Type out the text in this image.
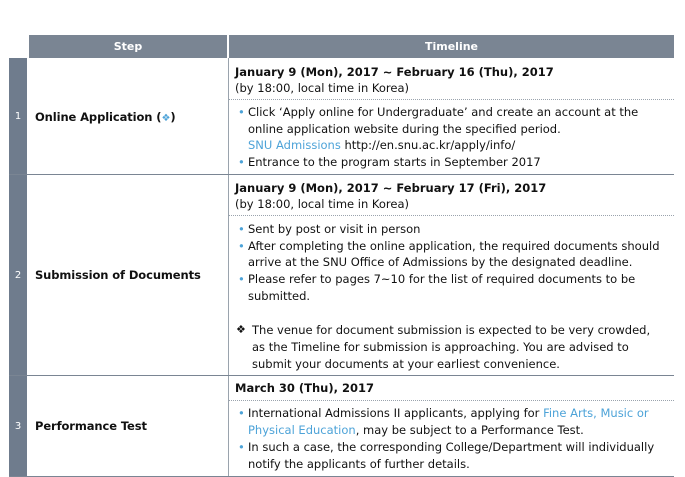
Step	Timeline
1 Online Application (❖)
January 9 (Mon), 2017 ~ February 16 (Thu), 2017
(by 18:00, local time in Korea)
• Click ‘Apply online for Undergraduate’ and create an account at the
online application website during the specified period.
SNU Admissions http://en.snu.ac.kr/apply/info/
• Entrance to the program starts in September 2017
2 Submission of Documents
January 9 (Mon), 2017 ~ February 17 (Fri), 2017
(by 18:00, local time in Korea)
• Sent by post or visit in person
• After completing the online application, the required documents should
arrive at the SNU Office of Admissions by the designated deadline.
• Please refer to pages 7~10 for the list of required documents to be
submitted.
❖ The venue for document submission is expected to be very crowded,
as the Timeline for submission is approaching. You are advised to
submit your documents at your earliest convenience.
3 Performance Test
March 30 (Thu), 2017
• International Admissions II applicants, applying for Fine Arts, Music or
Physical Education, may be subject to a Performance Test.
• In such a case, the corresponding College/Department will individually
notify the applicants of further details.
